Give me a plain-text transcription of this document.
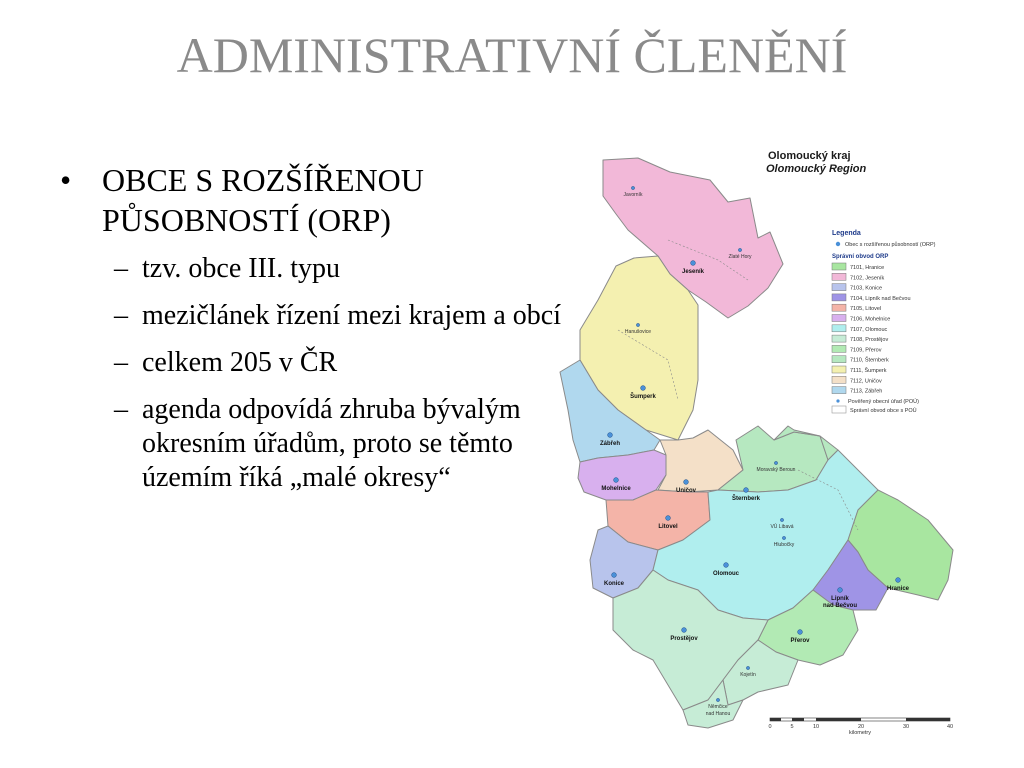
ADMINISTRATIVNÍ ČLENĚNÍ
• OBCE S ROZŠÍŘENOU PŮSOBNOSTÍ (ORP)
– tzv. obce III. typu
– mezičlánek řízení mezi krajem a obcí
– celkem 205 v ČR
– agenda odpovídá zhruba bývalým okresním úřadům, proto se těmto územím říká „malé okresy“
Olomoucký kraj
Olomoucký Region
Legenda
Obec s rozšířenou působností (ORP)
Správní obvod ORP
7101, Hranice
7102, Jeseník
7103, Konice
7104, Lipník nad Bečvou
7105, Litovel
7106, Mohelnice
7107, Olomouc
7108, Prostějov
7109, Přerov
7110, Šternberk
7111, Šumperk
7112, Uničov
7113, Zábřeh
Pověřený obecní úřad (POÚ)
Správní obvod obce s POÚ
Javorník
Jeseník
Zlaté Hory
Hanušovice
Šumperk
Zábřeh
Mohelnice	Uničov
Šternberk
Moravský Beroun
Litovel	VÚ Libavá
Hlubočky
Olomouc
Konice
Hranice
Lipník
nad Bečvou
Prostějov	Přerov
Kojetín
Němčice
nad Hanou
0	5	10	20	30	40
kilometry
